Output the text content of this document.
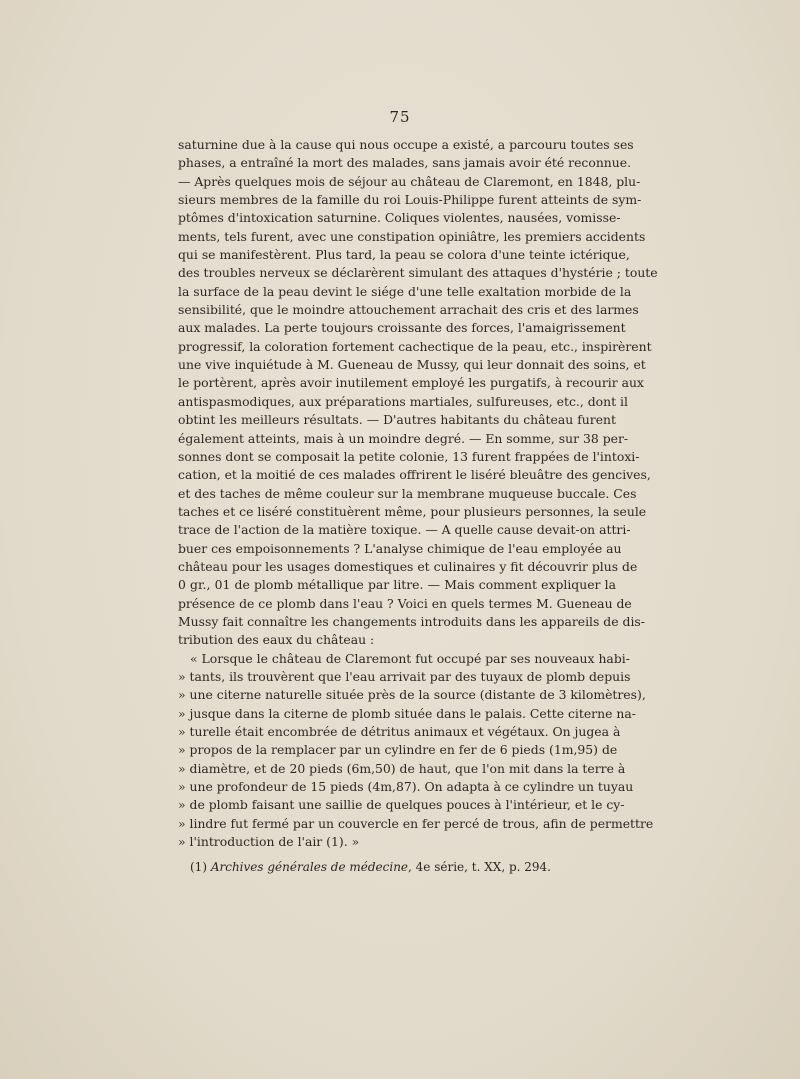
75

saturnine due à la cause qui nous occupe a existé, a parcouru toutes ses
phases, a entraîné la mort des malades, sans jamais avoir été reconnue.
— Après quelques mois de séjour au château de Claremont, en 1848, plu-
sieurs membres de la famille du roi Louis-Philippe furent atteints de sym-
ptômes d'intoxication saturnine. Coliques violentes, nausées, vomisse-
ments, tels furent, avec une constipation opiniâtre, les premiers accidents
qui se manifestèrent. Plus tard, la peau se colora d'une teinte ictérique,
des troubles nerveux se déclarèrent simulant des attaques d'hystérie ; toute
la surface de la peau devint le siége d'une telle exaltation morbide de la
sensibilité, que le moindre attouchement arrachait des cris et des larmes
aux malades. La perte toujours croissante des forces, l'amaigrissement
progressif, la coloration fortement cachectique de la peau, etc., inspirèrent
une vive inquiétude à M. Gueneau de Mussy, qui leur donnait des soins, et
le portèrent, après avoir inutilement employé les purgatifs, à recourir aux
antispasmodiques, aux préparations martiales, sulfureuses, etc., dont il
obtint les meilleurs résultats. — D'autres habitants du château furent
également atteints, mais à un moindre degré. — En somme, sur 38 per-
sonnes dont se composait la petite colonie, 13 furent frappées de l'intoxi-
cation, et la moitié de ces malades offrirent le liséré bleuâtre des gencives,
et des taches de même couleur sur la membrane muqueuse buccale. Ces
taches et ce liséré constituèrent même, pour plusieurs personnes, la seule
trace de l'action de la matière toxique. — A quelle cause devait-on attri-
buer ces empoisonnements ? L'analyse chimique de l'eau employée au
château pour les usages domestiques et culinaires y fit découvrir plus de
0 gr., 01 de plomb métallique par litre. — Mais comment expliquer la
présence de ce plomb dans l'eau ? Voici en quels termes M. Gueneau de
Mussy fait connaître les changements introduits dans les appareils de dis-
tribution des eaux du château :

« Lorsque le château de Claremont fut occupé par ses nouveaux habi-
» tants, ils trouvèrent que l'eau arrivait par des tuyaux de plomb depuis
» une citerne naturelle située près de la source (distante de 3 kilomètres),
» jusque dans la citerne de plomb située dans le palais. Cette citerne na-
» turelle était encombrée de détritus animaux et végétaux. On jugea à
» propos de la remplacer par un cylindre en fer de 6 pieds (1m,95) de
» diamètre, et de 20 pieds (6m,50) de haut, que l'on mit dans la terre à
» une profondeur de 15 pieds (4m,87). On adapta à ce cylindre un tuyau
» de plomb faisant une saillie de quelques pouces à l'intérieur, et le cy-
» lindre fut fermé par un couvercle en fer percé de trous, afin de permettre
» l'introduction de l'air (1). »

(1) Archives générales de médecine, 4e série, t. XX, p. 294.
